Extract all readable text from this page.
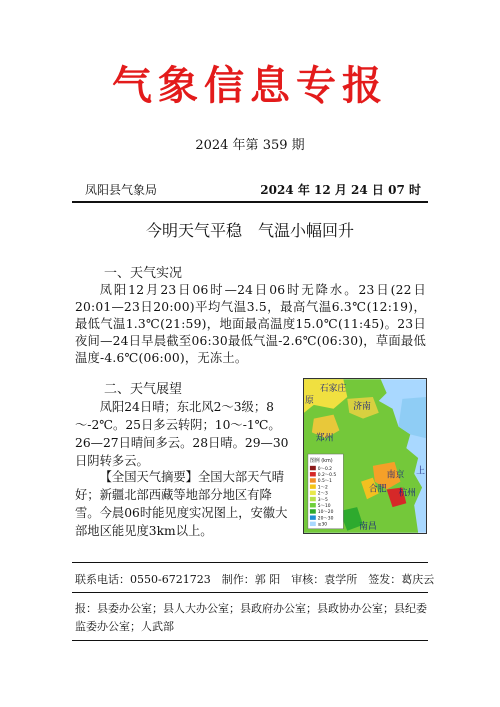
气象信息专报
2024 年第 359 期
凤阳县气象局	2024 年 12 月 24 日 07 时
今明天气平稳　气温小幅回升
一、天气实况

凤阳12月23日06时—24日06时无降水。23日(22日20:01—23日20:00)平均气温3.5，最高气温6.3℃(12:19)，最低气温1.3℃(21:59)，地面最高温度15.0℃(11:45)。23日夜间—24日早晨截至06:30最低气温-2.6℃(06:30)，草面最低温度-4.6℃(06:00)，无冻土。

二、天气展望

凤阳24日晴；东北风2～3级；8～-2℃。25日多云转阴；10～-1℃。26—27日晴间多云。28日晴。29—30日阴转多云。

【全国天气摘要】全国大部天气晴好；新疆北部西藏等地部分地区有降雪。今晨06时能见度实况图上，安徽大部地区能见度3km以上。

石家庄
原
济南
郑州
南京
合肥 杭州
南昌
上
图例 (km)
0～0.2
0.2～0.5
0.5～1
1～2
2～3
3～5
5～10
10～20
20～30
≥30
联系电话：0550-6721723　制作：郭 阳　审核：袁学所　签发：葛庆云

报：县委办公室；县人大办公室；县政府办公室；县政协办公室；县纪委监委办公室；人武部
